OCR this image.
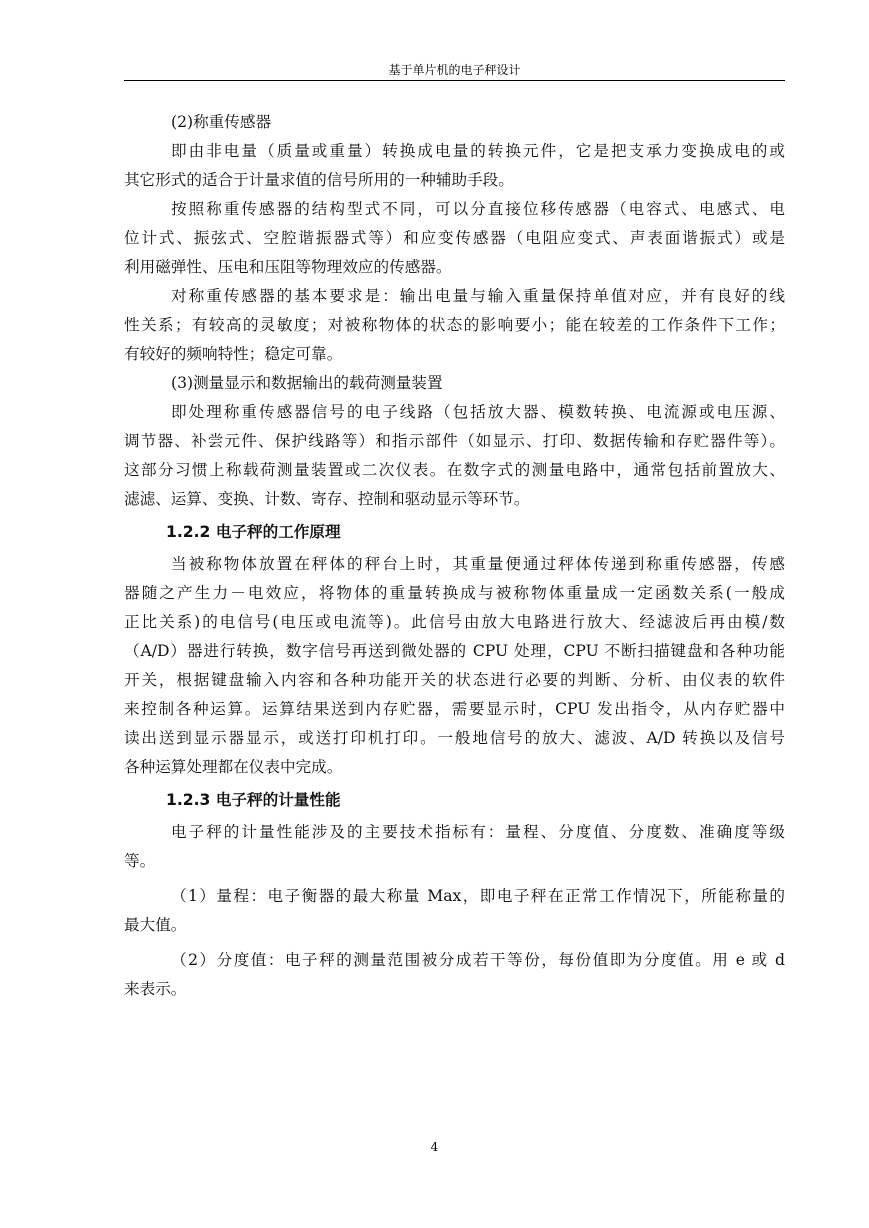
基于单片机的电子秤设计
(2)称重传感器
即由非电量（质量或重量）转换成电量的转换元件，它是把支承力变换成电的或
其它形式的适合于计量求值的信号所用的一种辅助手段。
按照称重传感器的结构型式不同，可以分直接位移传感器（电容式、电感式、电
位计式、振弦式、空腔谐振器式等）和应变传感器（电阻应变式、声表面谐振式）或是
利用磁弹性、压电和压阻等物理效应的传感器。
对称重传感器的基本要求是：输出电量与输入重量保持单值对应，并有良好的线
性关系；有较高的灵敏度；对被称物体的状态的影响要小；能在较差的工作条件下工作；
有较好的频响特性；稳定可靠。
(3)测量显示和数据输出的载荷测量装置
即处理称重传感器信号的电子线路（包括放大器、模数转换、电流源或电压源、
调节器、补尝元件、保护线路等）和指示部件（如显示、打印、数据传输和存贮器件等）。
这部分习惯上称载荷测量装置或二次仪表。在数字式的测量电路中，通常包括前置放大、
滤滤、运算、变换、计数、寄存、控制和驱动显示等环节。
1.2.2 电子秤的工作原理
当被称物体放置在秤体的秤台上时，其重量便通过秤体传递到称重传感器，传感
器随之产生力－电效应，将物体的重量转换成与被称物体重量成一定函数关系(一般成
正比关系)的电信号(电压或电流等)。此信号由放大电路进行放大、经滤波后再由模/数
（A/D）器进行转换，数字信号再送到微处器的 CPU 处理，CPU 不断扫描键盘和各种功能
开关，根据键盘输入内容和各种功能开关的状态进行必要的判断、分析、由仪表的软件
来控制各种运算。运算结果送到内存贮器，需要显示时，CPU 发出指令，从内存贮器中
读出送到显示器显示，或送打印机打印。一般地信号的放大、滤波、A/D 转换以及信号
各种运算处理都在仪表中完成。
1.2.3 电子秤的计量性能
电子秤的计量性能涉及的主要技术指标有：量程、分度值、分度数、准确度等级
等。
（1）量程：电子衡器的最大称量 Max，即电子秤在正常工作情况下，所能称量的
最大值。
（2）分度值：电子秤的测量范围被分成若干等份，每份值即为分度值。用 e 或 d
来表示。
4
